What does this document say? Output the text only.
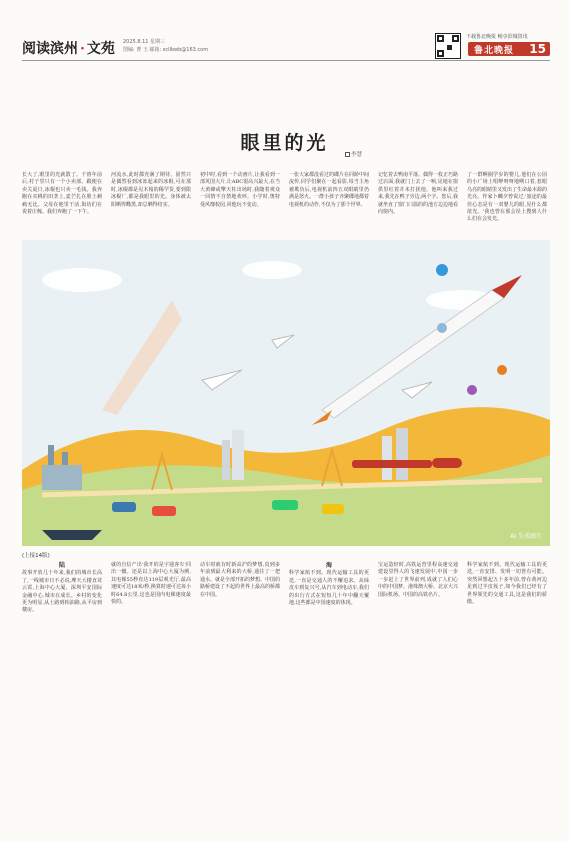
阅读滨州 · 文苑 2025.8.11 星期三
图编: 曹 玉 邮箱: scllbwb@163.com
下载鲁北晚报 畅享滨城资讯
鲁北晚报 15
眼里的光
李慧
长大了,眼里的光就散了。千禧年前后,村子里只有一个小卖部。跟便在卖关夏日,冰棍也只卖一毛钱。我奔跑在夹桃的田垄上,麦芒扎在脸上刺痛无比。父母在地里干活,街坊们在说着庄稼。我们奔跑了一下午。
河流水,此时都充满了期待。固然只是偶然看到冰冻起来的冰棍,可在那时,冰棍都是见木箱的稀罕货,要到限冰棍厂,都是我眼里的光。身体被太阳晒得黝黑,却总晒得结实。
初中时,看到一个动画片,让我看到一部英国大片,让ABC很高兴最大,在当大黄蜂或擎天柱出场时,我随着观众一同情不自禁地欢呼。小学时,奥特曼风靡校园,同他玩不变动。
一张大家都没看过的碟片在同龄中间流传,同学们聚在一起看影,每当主角被欺负后,电视机前四五双眼睛里仍满是怒火。一群小孩子齐聚碟地都着电视机的动作,不仅为了那个世界。
记忆着去鸭南平落。偶得一枚正巧路过店面,我就门上去了一响,见地在窗供里红着并未打扰他。他叫来我过来,我先在鸭子旁边,两个字。您后,我就坐直了窗门口温的的池方边边地看向窗内。
了一群啊圈学步的婴儿,他们在公园的小广场上唱咿呀呀地咧口着,惹眼乌亮的眼睛里又发出了生命最本源的光亮。作家卜麟夕曾说过,'旅途的最佳心态是有一双婴儿的眼,见什么都欲光。'我也曾在那会误上搜到人什么们在会发光。
AI 生成图片
(上接14版)
陆
故事开放几十年来,我们的城市长高了,一线城市日不必说,摩天大楼直耸云霄,上海中心大厦、深圳平安国际金融中心,城市在成长。乡村的变化更为明显,从土路到柏油路,从平房到楼房。
就的自信产出'我开的是宇通客车'同出一辙。还是以上海中心大厦为例,其电梯55秒直达119层观光厅,最高速度可达18米/秒,换算时速可达每小时64.8公里,这也是国内电梯速度最快的。
动车时就有时新高沪的梦想,真到多年前到最大利来的大桥,通往了一把通水。就是全部开拓的梦想。中国的路桥建设了不起的世界上最高的桥都在中国。
海
科学家航不到。现代运输工具的更迭,一直是交通人的不懈追求。从绿皮车到复兴号,从汽车到电动车,我们的出行方式在短短几十年中翻天覆地,这些都是中国速度的体现。
宝运造轻时,高铁运营里程高速交通建设里得人的飞速发展中,中国一步一步赶上了世界前列,成就了人们心中的中国梦。港珠澳大桥、北京大兴国际机场、中国的高铁名片。
科学家航不到。现代运输工具的更迭,一直安排、发明一切皆有可能。突然回想起五十多年前,曾在黄河边见到过羊皮筏子,如今我们已经有了世界领先的交通工具,这是我们的骄傲。
